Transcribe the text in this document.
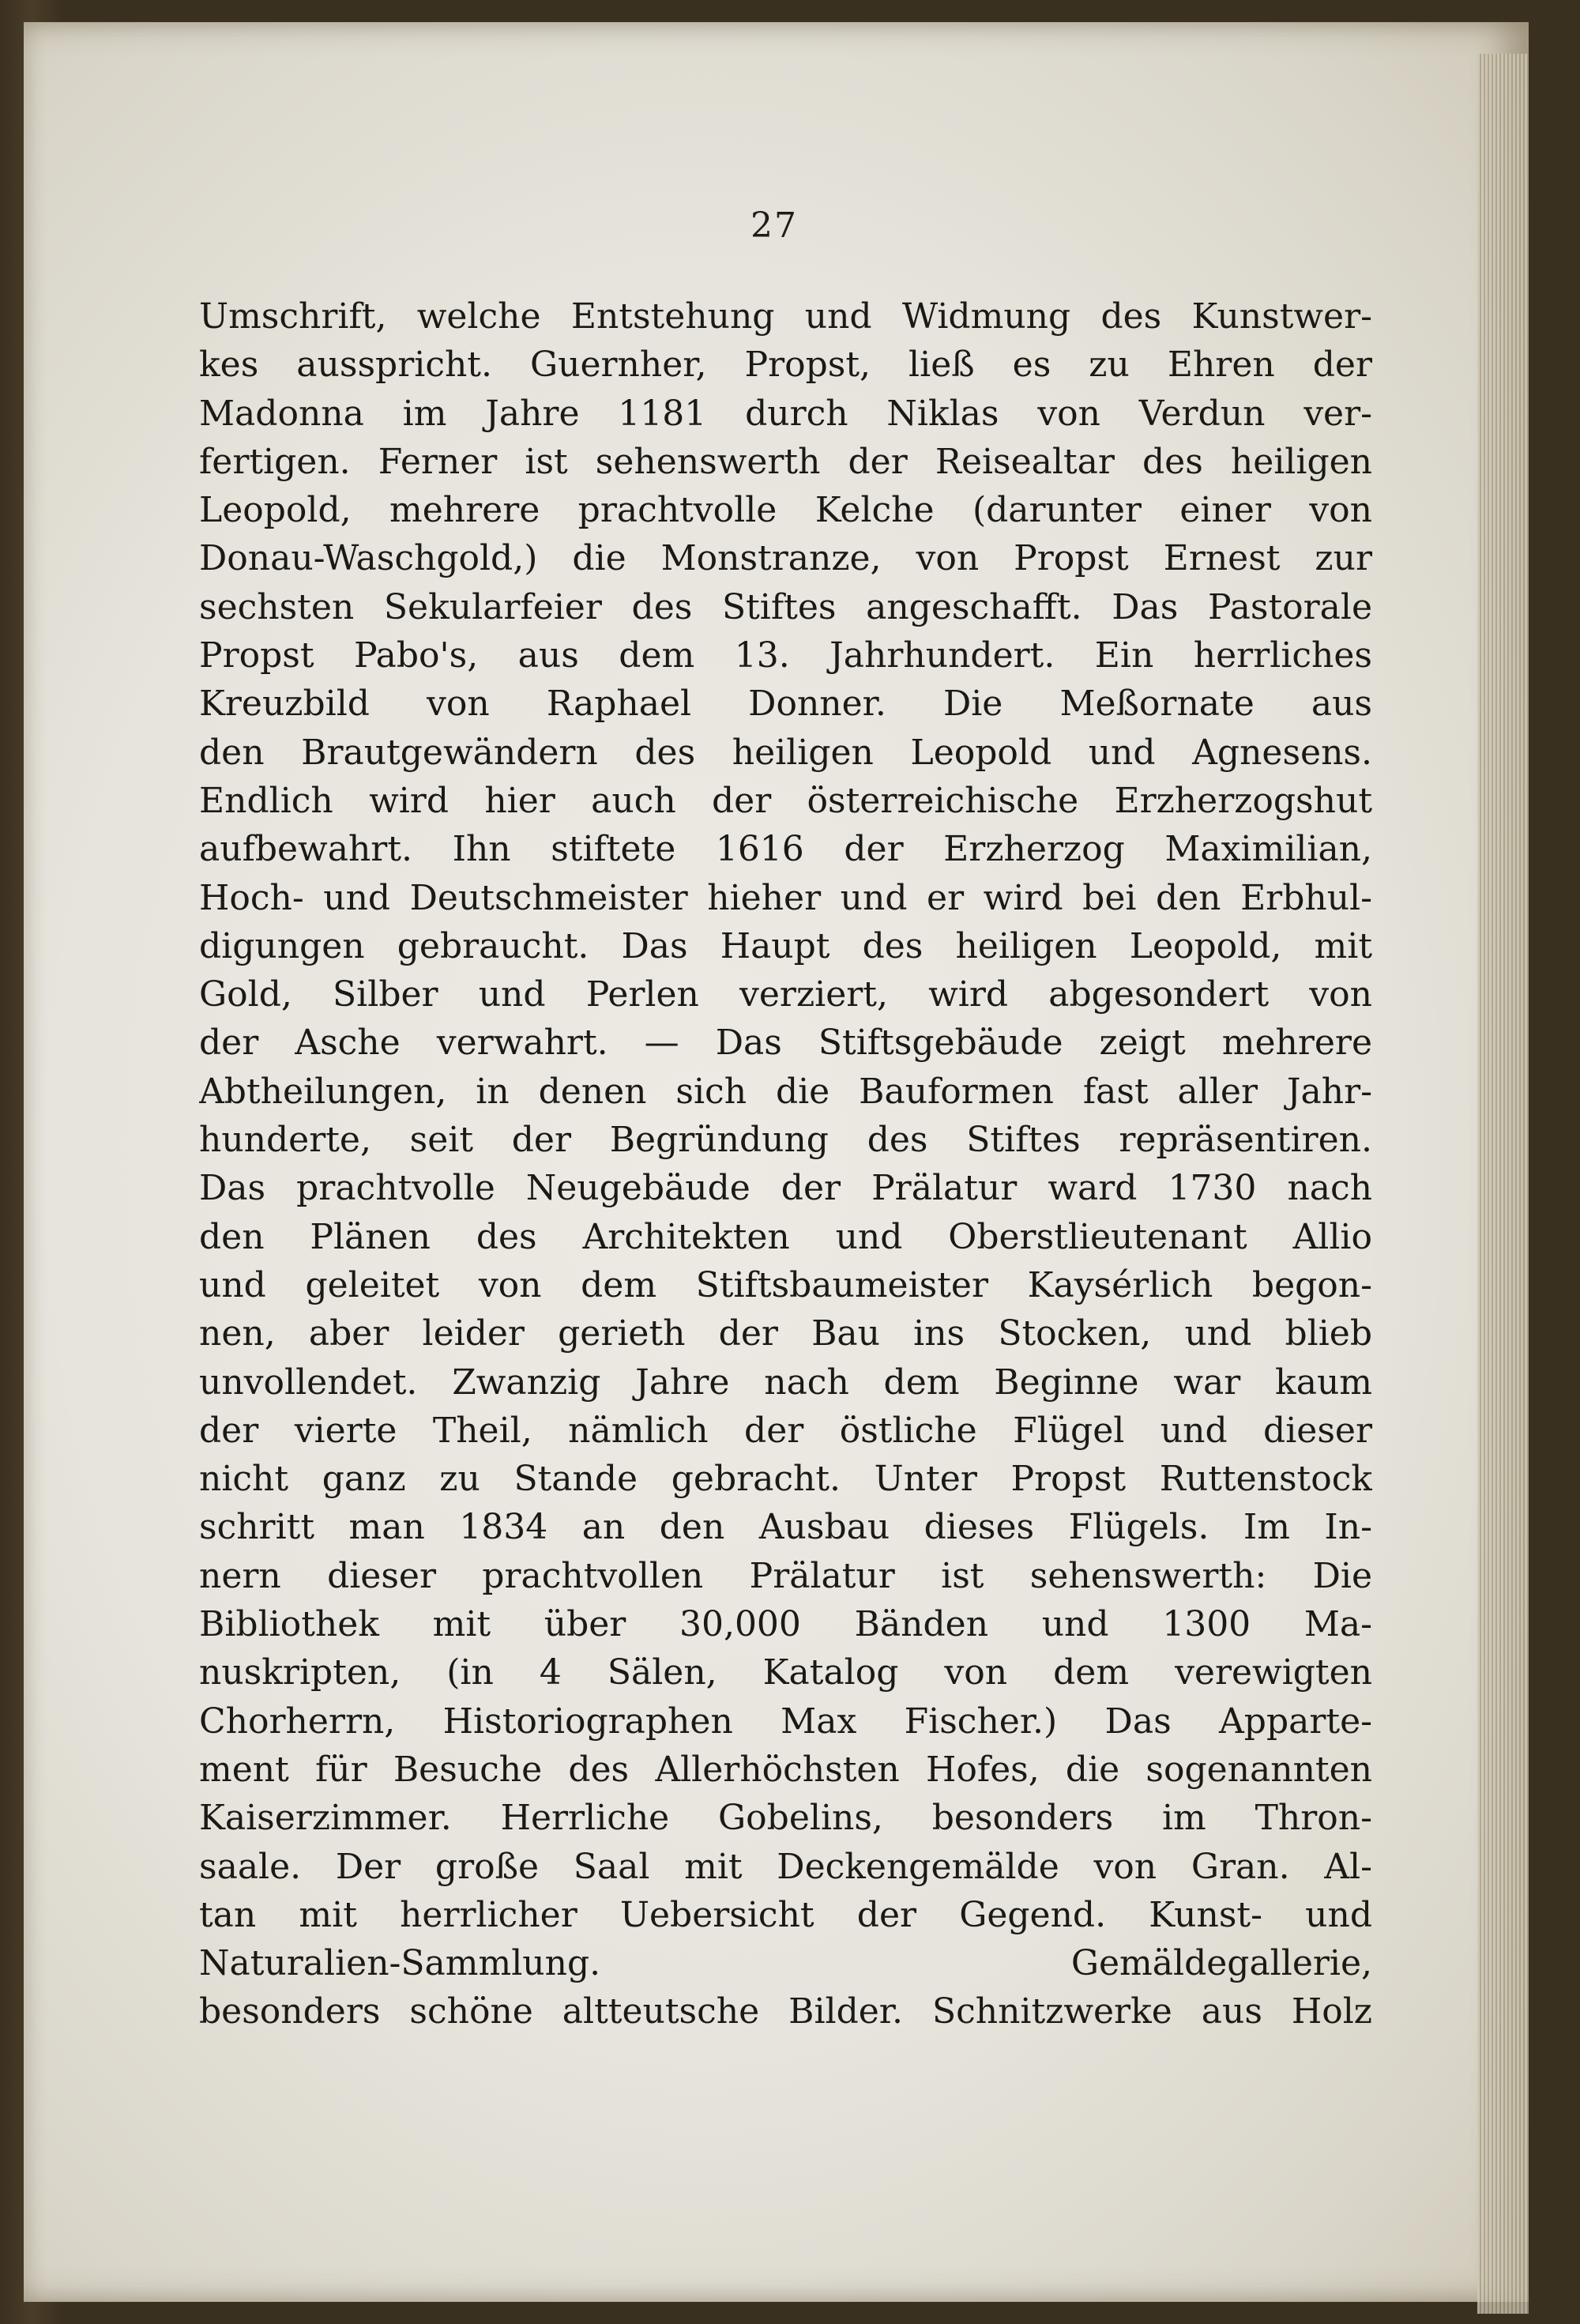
27
Umschrift, welche Entstehung und Widmung des Kunstwer-
kes ausspricht. Guernher, Propst, ließ es zu Ehren der
Madonna im Jahre 1181 durch Niklas von Verdun ver-
fertigen. Ferner ist sehenswerth der Reisealtar des heiligen
Leopold, mehrere prachtvolle Kelche (darunter einer von
Donau-Waschgold,) die Monstranze, von Propst Ernest zur
sechsten Sekularfeier des Stiftes angeschafft. Das Pastorale
Propst Pabo's, aus dem 13. Jahrhundert. Ein herrliches
Kreuzbild von Raphael Donner. Die Meßornate aus
den Brautgewändern des heiligen Leopold und Agnesens.
Endlich wird hier auch der österreichische Erzherzogshut
aufbewahrt. Ihn stiftete 1616 der Erzherzog Maximilian,
Hoch- und Deutschmeister hieher und er wird bei den Erbhul-
digungen gebraucht. Das Haupt des heiligen Leopold, mit
Gold, Silber und Perlen verziert, wird abgesondert von
der Asche verwahrt. — Das Stiftsgebäude zeigt mehrere
Abtheilungen, in denen sich die Bauformen fast aller Jahr-
hunderte, seit der Begründung des Stiftes repräsentiren.
Das prachtvolle Neugebäude der Prälatur ward 1730 nach
den Plänen des Architekten und Oberstlieutenant Allio
und geleitet von dem Stiftsbaumeister Kaysérlich begon-
nen, aber leider gerieth der Bau ins Stocken, und blieb
unvollendet. Zwanzig Jahre nach dem Beginne war kaum
der vierte Theil, nämlich der östliche Flügel und dieser
nicht ganz zu Stande gebracht. Unter Propst Ruttenstock
schritt man 1834 an den Ausbau dieses Flügels. Im In-
nern dieser prachtvollen Prälatur ist sehenswerth: Die
Bibliothek mit über 30,000 Bänden und 1300 Ma-
nuskripten, (in 4 Sälen, Katalog von dem verewigten
Chorherrn, Historiographen Max Fischer.) Das Apparte-
ment für Besuche des Allerhöchsten Hofes, die sogenannten
Kaiserzimmer. Herrliche Gobelins, besonders im Thron-
saale. Der große Saal mit Deckengemälde von Gran. Al-
tan mit herrlicher Uebersicht der Gegend. Kunst- und
Naturalien-Sammlung. Gemäldegallerie,
besonders schöne altteutsche Bilder. Schnitzwerke aus Holz
